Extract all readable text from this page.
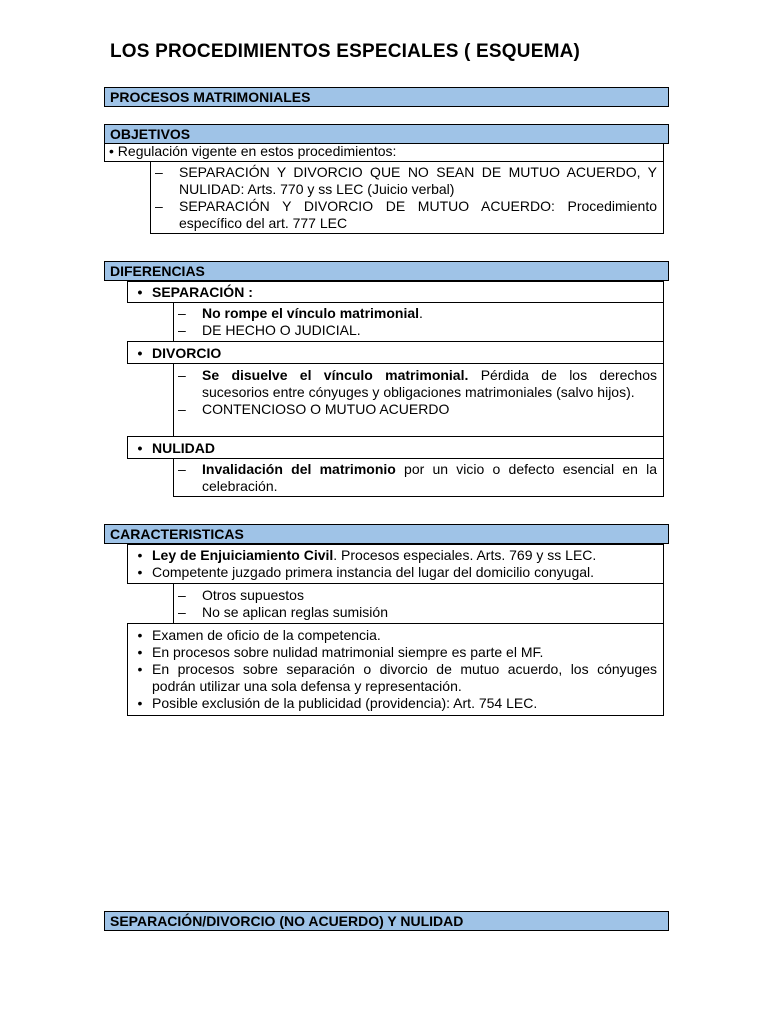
LOS PROCEDIMIENTOS ESPECIALES ( ESQUEMA)
PROCESOS MATRIMONIALES
OBJETIVOS
• Regulación vigente en estos procedimientos:
–	SEPARACIÓN Y DIVORCIO QUE NO SEAN DE MUTUO ACUERDO, Y NULIDAD: Arts. 770 y ss LEC (Juicio verbal)
–	SEPARACIÓN Y DIVORCIO DE MUTUO ACUERDO: Procedimiento específico del art. 777 LEC
DIFERENCIAS
• SEPARACIÓN :
–	No rompe el vínculo matrimonial.
–	DE HECHO O JUDICIAL.
• DIVORCIO
–	Se disuelve el vínculo matrimonial. Pérdida de los derechos sucesorios entre cónyuges y obligaciones matrimoniales (salvo hijos).
–	CONTENCIOSO O MUTUO ACUERDO
• NULIDAD
–	Invalidación del matrimonio por un vicio o defecto esencial en la celebración.
CARACTERISTICAS
• Ley de Enjuiciamiento Civil. Procesos especiales. Arts. 769 y ss LEC.
• Competente juzgado primera instancia del lugar del domicilio conyugal.
–	Otros supuestos
–	No se aplican reglas sumisión
• Examen de oficio de la competencia.
• En procesos sobre nulidad matrimonial siempre es parte el MF.
• En procesos sobre separación o divorcio de mutuo acuerdo, los cónyuges podrán utilizar una sola defensa y representación.
• Posible exclusión de la publicidad (providencia): Art. 754 LEC.
SEPARACIÓN/DIVORCIO (NO ACUERDO) Y NULIDAD
